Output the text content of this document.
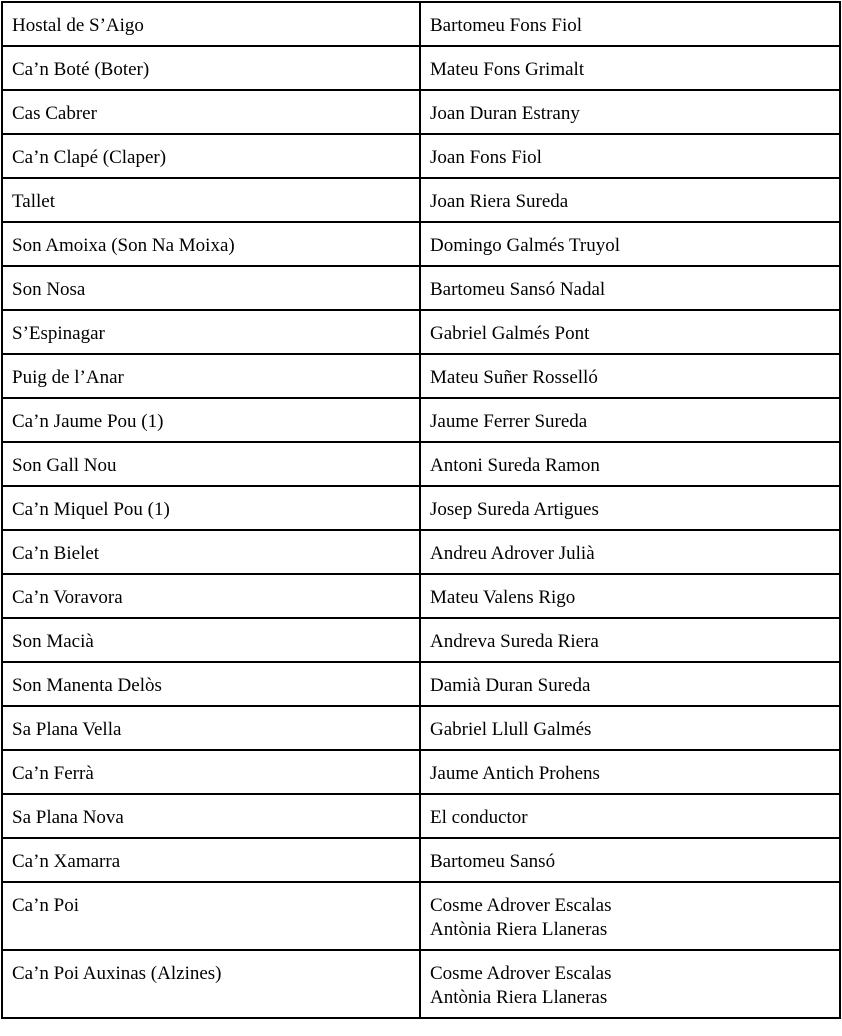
Hostal de S’Aigo	Bartomeu Fons Fiol

Ca’n Boté (Boter)	Mateu Fons Grimalt

Cas Cabrer	Joan Duran Estrany

Ca’n Clapé (Claper)	Joan Fons Fiol

Tallet	Joan Riera Sureda

Son Amoixa (Son Na Moixa)	Domingo Galmés Truyol

Son Nosa	Bartomeu Sansó Nadal

S’Espinagar	Gabriel Galmés Pont

Puig de l’Anar	Mateu Suñer Rosselló

Ca’n Jaume Pou (1)	Jaume Ferrer Sureda

Son Gall Nou	Antoni Sureda Ramon

Ca’n Miquel Pou (1)	Josep Sureda Artigues

Ca’n Bielet	Andreu Adrover Julià

Ca’n Voravora	Mateu Valens Rigo

Son Macià	Andreva Sureda Riera

Son Manenta Delòs	Damià Duran Sureda

Sa Plana Vella	Gabriel Llull Galmés

Ca’n Ferrà	Jaume Antich Prohens

Sa Plana Nova	El conductor

Ca’n Xamarra	Bartomeu Sansó

Ca’n Poi	Cosme Adrover Escalas
Antònia Riera Llaneras

Ca’n Poi Auxinas (Alzines)	Cosme Adrover Escalas
Antònia Riera Llaneras
